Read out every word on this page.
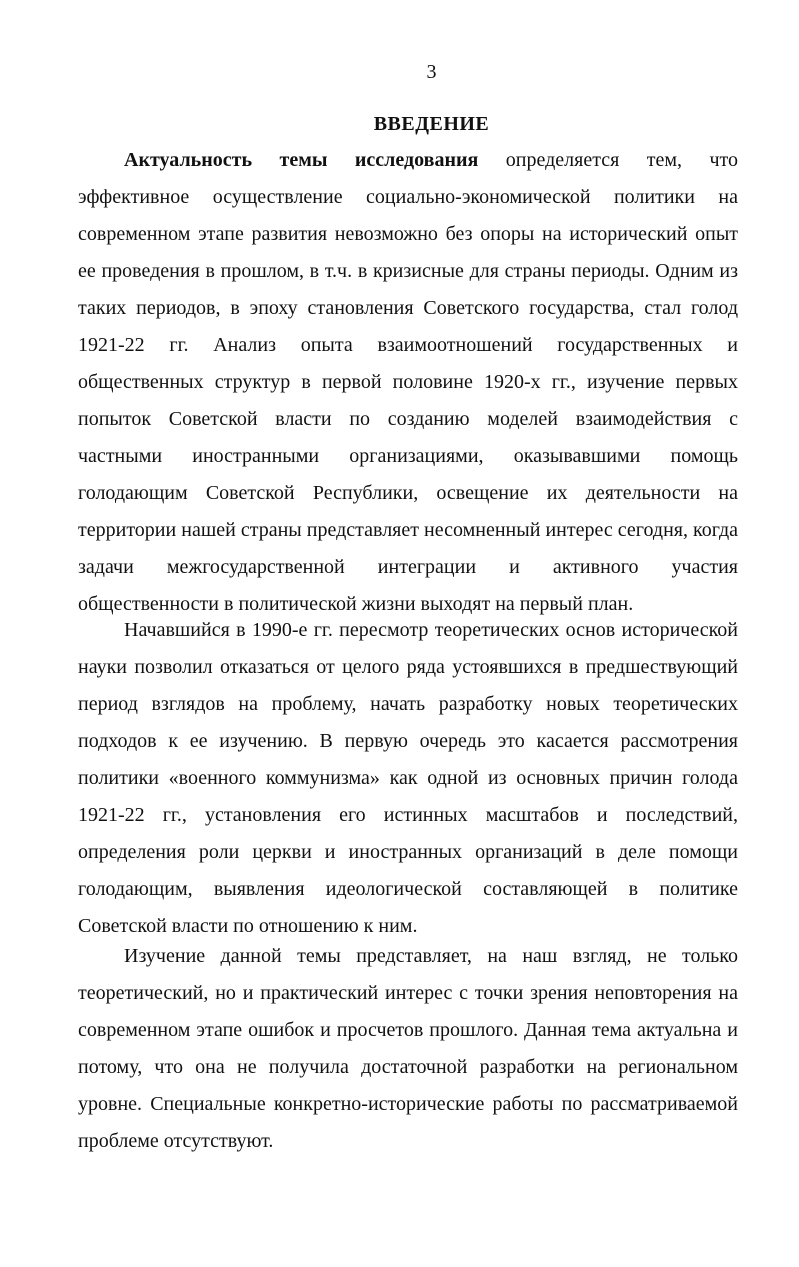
3
ВВЕДЕНИЕ

Актуальность темы исследования определяется тем, что эффективное осуществление социально-экономической политики на современном этапе развития невозможно без опоры на исторический опыт ее проведения в прошлом, в т.ч. в кризисные для страны периоды. Одним из таких периодов, в эпоху становления Советского государства, стал голод 1921-22 гг. Анализ опыта взаимоотношений государственных и общественных структур в первой половине 1920-х гг., изучение первых попыток Советской власти по созданию моделей взаимодействия с частными иностранными организациями, оказывавшими помощь голодающим Советской Республики, освещение их деятельности на территории нашей страны представляет несомненный интерес сегодня, когда задачи межгосударственной интеграции и активного участия общественности в политической жизни выходят на первый план.

Начавшийся в 1990-е гг. пересмотр теоретических основ исторической науки позволил отказаться от целого ряда устоявшихся в предшествующий период взглядов на проблему, начать разработку новых теоретических подходов к ее изучению. В первую очередь это касается рассмотрения политики «военного коммунизма» как одной из основных причин голода 1921-22 гг., установления его истинных масштабов и последствий, определения роли церкви и иностранных организаций в деле помощи голодающим, выявления идеологической составляющей в политике Советской власти по отношению к ним.

Изучение данной темы представляет, на наш взгляд, не только теоретический, но и практический интерес с точки зрения неповторения на современном этапе ошибок и просчетов прошлого. Данная тема актуальна и потому, что она не получила достаточной разработки на региональном уровне. Специальные конкретно-исторические работы по рассматриваемой проблеме отсутствуют.
